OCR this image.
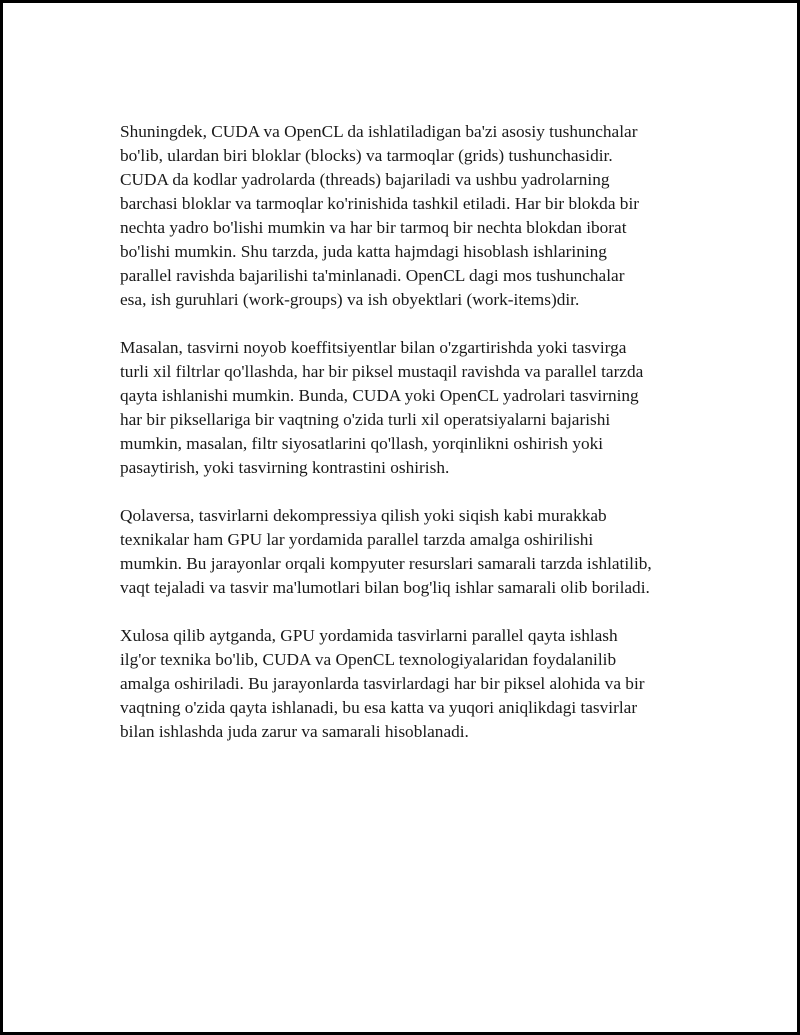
Shuningdek, CUDA va OpenCL da ishlatiladigan ba'zi asosiy tushunchalar
bo'lib, ulardan biri bloklar (blocks) va tarmoqlar (grids) tushunchasidir.
CUDA da kodlar yadrolarda (threads) bajariladi va ushbu yadrolarning
barchasi bloklar va tarmoqlar ko'rinishida tashkil etiladi. Har bir blokda bir
nechta yadro bo'lishi mumkin va har bir tarmoq bir nechta blokdan iborat
bo'lishi mumkin. Shu tarzda, juda katta hajmdagi hisoblash ishlarining
parallel ravishda bajarilishi ta'minlanadi. OpenCL dagi mos tushunchalar
esa, ish guruhlari (work-groups) va ish obyektlari (work-items)dir.

Masalan, tasvirni noyob koeffitsiyentlar bilan o'zgartirishda yoki tasvirga
turli xil filtrlar qo'llashda, har bir piksel mustaqil ravishda va parallel tarzda
qayta ishlanishi mumkin. Bunda, CUDA yoki OpenCL yadrolari tasvirning
har bir piksellariga bir vaqtning o'zida turli xil operatsiyalarni bajarishi
mumkin, masalan, filtr siyosatlarini qo'llash, yorqinlikni oshirish yoki
pasaytirish, yoki tasvirning kontrastini oshirish.

Qolaversa, tasvirlarni dekompressiya qilish yoki siqish kabi murakkab
texnikalar ham GPU lar yordamida parallel tarzda amalga oshirilishi
mumkin. Bu jarayonlar orqali kompyuter resurslari samarali tarzda ishlatilib,
vaqt tejaladi va tasvir ma'lumotlari bilan bog'liq ishlar samarali olib boriladi.

Xulosa qilib aytganda, GPU yordamida tasvirlarni parallel qayta ishlash
ilg'or texnika bo'lib, CUDA va OpenCL texnologiyalaridan foydalanilib
amalga oshiriladi. Bu jarayonlarda tasvirlardagi har bir piksel alohida va bir
vaqtning o'zida qayta ishlanadi, bu esa katta va yuqori aniqlikdagi tasvirlar
bilan ishlashda juda zarur va samarali hisoblanadi.
